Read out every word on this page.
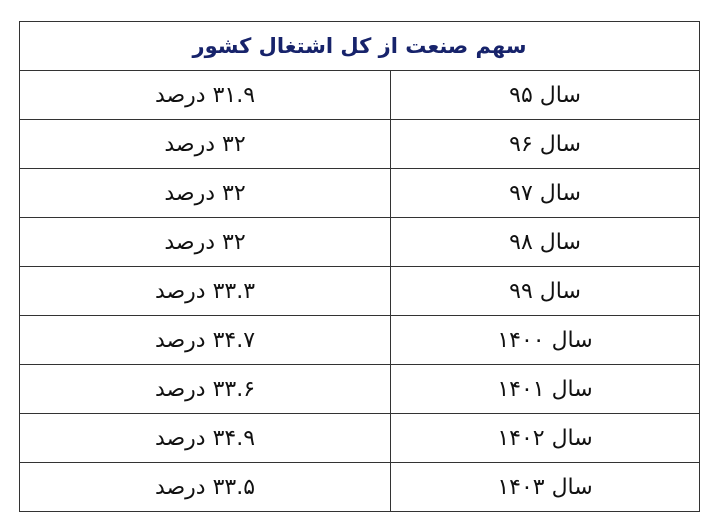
سهم صنعت از کل اشتغال کشور	
سال ۹۵	۳۱.۹ درصد
سال ۹۶	۳۲ درصد
سال ۹۷	۳۲ درصد
سال ۹۸	۳۲ درصد
سال ۹۹	۳۳.۳ درصد
سال ۱۴۰۰	۳۴.۷ درصد
سال ۱۴۰۱	۳۳.۶ درصد
سال ۱۴۰۲	۳۴.۹ درصد
سال ۱۴۰۳	۳۳.۵ درصد
